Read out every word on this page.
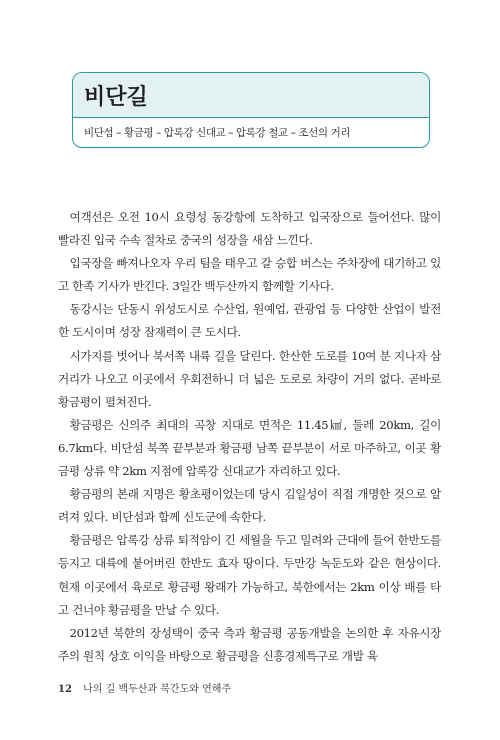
비단길
비단섬 – 황금평 – 압록강 신대교 – 압록강 철교 – 조선의 거리

여객선은 오전 10시 요령성 동강항에 도착하고 입국장으로 들어선다. 많이 빨라진 입국 수속 절차로 중국의 성장을 새삼 느낀다.

입국장을 빠져나오자 우리 팀을 태우고 갈 승합 버스는 주차장에 대기하고 있고 한족 기사가 반긴다. 3일간 백두산까지 함께할 기사다.

동강시는 단동시 위성도시로 수산업, 원예업, 관광업 등 다양한 산업이 발전한 도시이며 성장 잠재력이 큰 도시다.

시가지를 벗어나 북서쪽 내륙 길을 달린다. 한산한 도로를 10여 분 지나자 삼거리가 나오고 이곳에서 우회전하니 더 넓은 도로로 차량이 거의 없다. 곧바로 황금평이 펼쳐진다.

황금평은 신의주 최대의 곡창 지대로 면적은 11.45㎢, 둘레 20km, 길이 6.7km다. 비단섬 북쪽 끝부분과 황금평 남쪽 끝부분이 서로 마주하고, 이곳 황금평 상류 약 2km 지점에 압록강 신대교가 자리하고 있다.

황금평의 본래 지명은 황초평이었는데 당시 김일성이 직접 개명한 것으로 알려져 있다. 비단섬과 함께 신도군에 속한다.

황금평은 압록강 상류 퇴적암이 긴 세월을 두고 밀려와 근대에 들어 한반도를 등지고 대륙에 붙어버린 한반도 효자 땅이다. 두만강 녹둔도와 같은 현상이다. 현재 이곳에서 육로로 황금평 왕래가 가능하고, 북한에서는 2km 이상 배를 타고 건너야 황금평을 만날 수 있다.

2012년 북한의 장성택이 중국 측과 황금평 공동개발을 논의한 후 자유시장주의 원칙 상호 이익을 바탕으로 황금평을 신흥경제특구로 개발 육

12 나의 길 백두산과 북간도와 연해주
